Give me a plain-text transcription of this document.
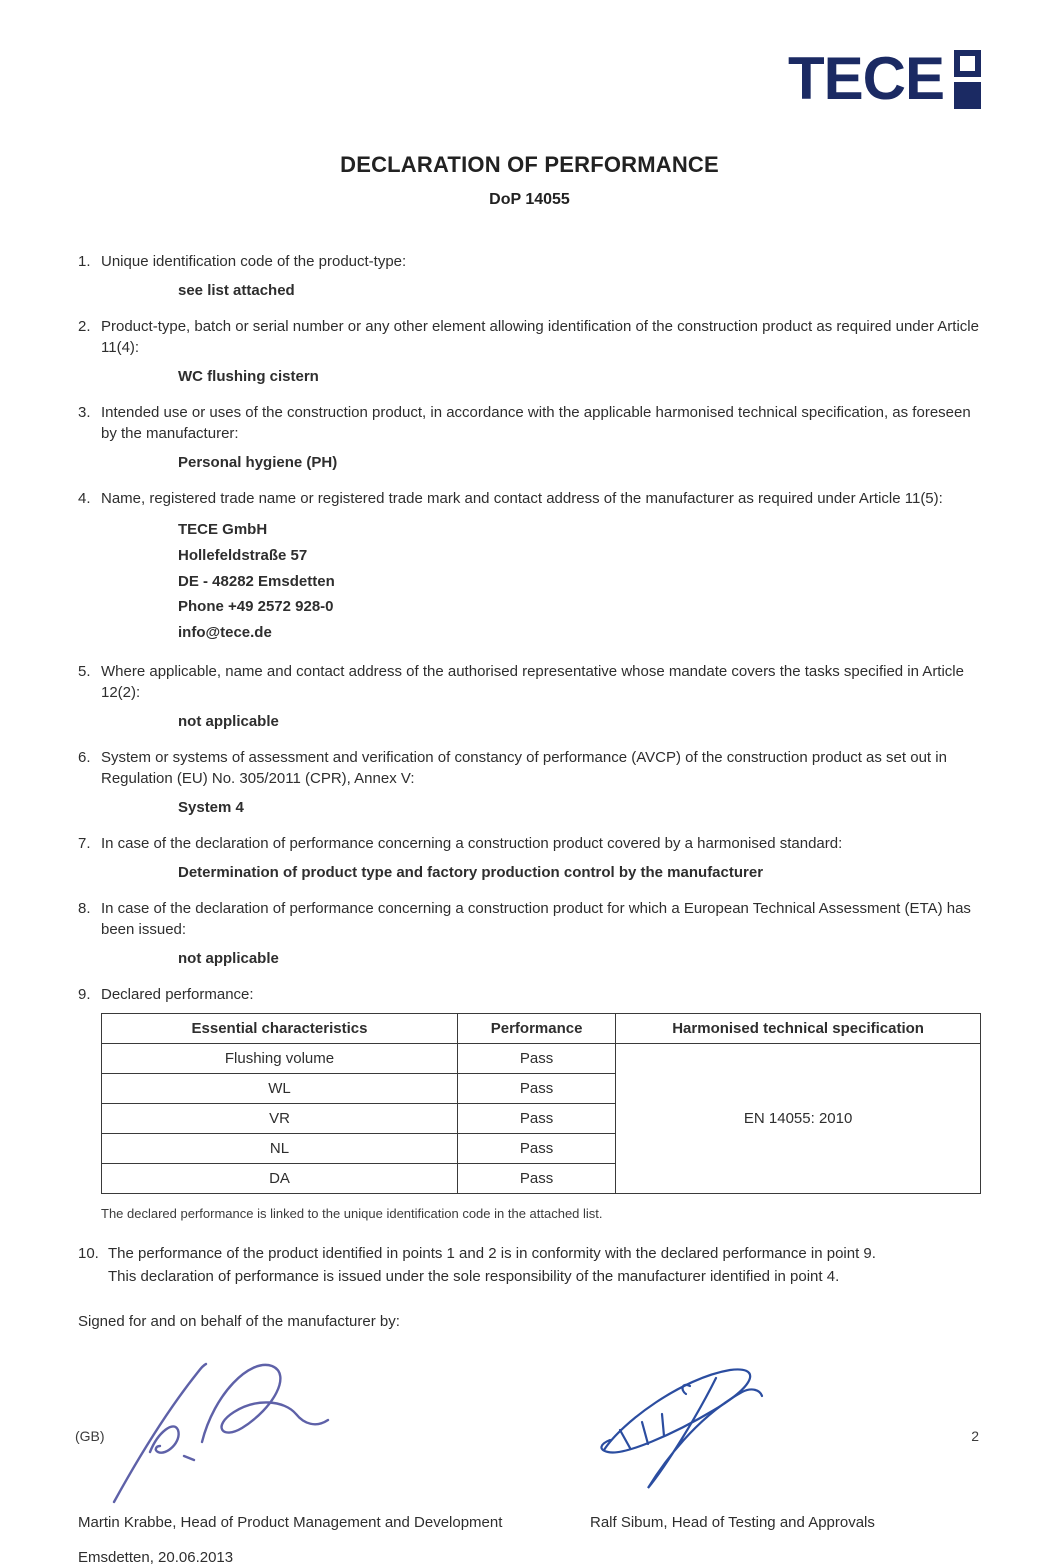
TECE
DECLARATION OF PERFORMANCE
DoP 14055
1. Unique identification code of the product-type:
see list attached
2. Product-type, batch or serial number or any other element allowing identification of the construction product as required under Article 11(4):
WC flushing cistern
3. Intended use or uses of the construction product, in accordance with the applicable harmonised technical specification, as foreseen by the manufacturer:
Personal hygiene (PH)
4. Name, registered trade name or registered trade mark and contact address of the manufacturer as required under Article 11(5):
TECE GmbH
Hollefeldstraße 57
DE - 48282 Emsdetten
Phone +49 2572 928-0
info@tece.de
5. Where applicable, name and contact address of the authorised representative whose mandate covers the tasks specified in Article 12(2):
not applicable
6. System or systems of assessment and verification of constancy of performance (AVCP) of the construction product as set out in Regulation (EU) No. 305/2011 (CPR), Annex V:
System 4
7. In case of the declaration of performance concerning a construction product covered by a harmonised standard:
Determination of product type and factory production control by the manufacturer
8. In case of the declaration of performance concerning a construction product for which a European Technical Assessment (ETA) has been issued:
not applicable
9. Declared performance:
Essential characteristics	Performance	Harmonised technical specification
Flushing volume	Pass	EN 14055: 2010
WL	Pass	
VR	Pass	
NL	Pass	
DA	Pass	
The declared performance is linked to the unique identification code in the attached list.
10. The performance of the product identified in points 1 and 2 is in conformity with the declared performance in point 9.
This declaration of performance is issued under the sole responsibility of the manufacturer identified in point 4.
Signed for and on behalf of the manufacturer by:
Martin Krabbe, Head of Product Management and Development	Ralf Sibum, Head of Testing and Approvals
Emsdetten, 20.06.2013
(GB)	2
